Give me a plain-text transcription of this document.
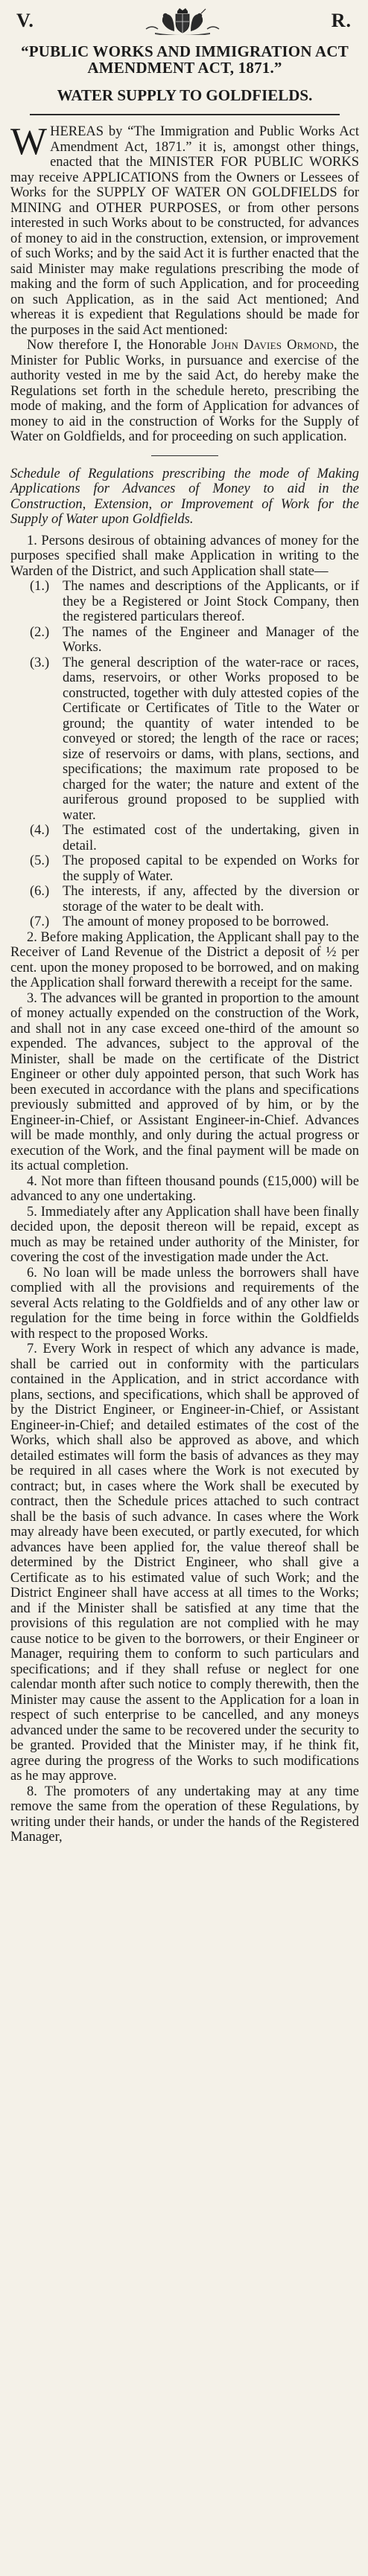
V.	R.
“PUBLIC WORKS AND IMMIGRATION ACT AMENDMENT ACT, 1871.”
WATER SUPPLY TO GOLDFIELDS.

WHEREAS by “The Immigration and Public Works Act Amendment Act, 1871.” it is, amongst other things, enacted that the MINISTER FOR PUBLIC WORKS may receive APPLICATIONS from the Owners or Lessees of Works for the SUPPLY OF WATER ON GOLDFIELDS for MINING and OTHER PURPOSES, or from other persons interested in such Works about to be constructed, for advances of money to aid in the construction, extension, or improvement of such Works; and by the said Act it is further enacted that the said Minister may make regulations prescribing the mode of making and the form of such Application, and for proceeding on such Application, as in the said Act mentioned; And whereas it is expedient that Regulations should be made for the purposes in the said Act mentioned:

Now therefore I, the Honorable John Davies Ormond, the Minister for Public Works, in pursuance and exercise of the authority vested in me by the said Act, do hereby make the Regulations set forth in the schedule hereto, prescribing the mode of making, and the form of Application for advances of money to aid in the construction of Works for the Supply of Water on Goldfields, and for proceeding on such application.

Schedule of Regulations prescribing the mode of Making Applications for Advances of Money to aid in the Construction, Extension, or Improvement of Work for the Supply of Water upon Goldfields.

1. Persons desirous of obtaining advances of money for the purposes specified shall make Application in writing to the Warden of the District, and such Application shall state—

(1.) The names and descriptions of the Applicants, or if they be a Registered or Joint Stock Company, then the registered particulars thereof.
(2.) The names of the Engineer and Manager of the Works.
(3.) The general description of the water-race or races, dams, reservoirs, or other Works proposed to be constructed, together with duly attested copies of the Certificate or Certificates of Title to the Water or ground; the quantity of water intended to be conveyed or stored; the length of the race or races; size of reservoirs or dams, with plans, sections, and specifications; the maximum rate proposed to be charged for the water; the nature and extent of the auriferous ground proposed to be supplied with water.
(4.) The estimated cost of the undertaking, given in detail.
(5.) The proposed capital to be expended on Works for the supply of Water.
(6.) The interests, if any, affected by the diversion or storage of the water to be dealt with.
(7.) The amount of money proposed to be borrowed.

2. Before making Application, the Applicant shall pay to the Receiver of Land Revenue of the District a deposit of ½ per cent. upon the money proposed to be borrowed, and on making the Application shall forward therewith a receipt for the same.

3. The advances will be granted in proportion to the amount of money actually expended on the construction of the Work, and shall not in any case exceed one-third of the amount so expended. The advances, subject to the approval of the Minister, shall be made on the certificate of the District Engineer or other duly appointed person, that such Work has been executed in accordance with the plans and specifications previously submitted and approved of by him, or by the Engineer-in-Chief, or Assistant Engineer-in-Chief. Advances will be made monthly, and only during the actual progress or execution of the Work, and the final payment will be made on its actual completion.

4. Not more than fifteen thousand pounds (£15,000) will be advanced to any one undertaking.

5. Immediately after any Application shall have been finally decided upon, the deposit thereon will be repaid, except as much as may be retained under authority of the Minister, for covering the cost of the investigation made under the Act.

6. No loan will be made unless the borrowers shall have complied with all the provisions and requirements of the several Acts relating to the Goldfields and of any other law or regulation for the time being in force within the Goldfields with respect to the proposed Works.

7. Every Work in respect of which any advance is made, shall be carried out in conformity with the particulars contained in the Application, and in strict accordance with plans, sections, and specifications, which shall be approved of by the District Engineer, or Engineer-in-Chief, or Assistant Engineer-in-Chief; and detailed estimates of the cost of the Works, which shall also be approved as above, and which detailed estimates will form the basis of advances as they may be required in all cases where the Work is not executed by contract; but, in cases where the Work shall be executed by contract, then the Schedule prices attached to such contract shall be the basis of such advance. In cases where the Work may already have been executed, or partly executed, for which advances have been applied for, the value thereof shall be determined by the District Engineer, who shall give a Certificate as to his estimated value of such Work; and the District Engineer shall have access at all times to the Works; and if the Minister shall be satisfied at any time that the provisions of this regulation are not complied with he may cause notice to be given to the borrowers, or their Engineer or Manager, requiring them to conform to such particulars and specifications; and if they shall refuse or neglect for one calendar month after such notice to comply therewith, then the Minister may cause the assent to the Application for a loan in respect of such enterprise to be cancelled, and any moneys advanced under the same to be recovered under the security to be granted. Provided that the Minister may, if he think fit, agree during the progress of the Works to such modifications as he may approve.

8. The promoters of any undertaking may at any time remove the same from the operation of these Regulations, by writing under their hands, or under the hands of the Registered Manager,
